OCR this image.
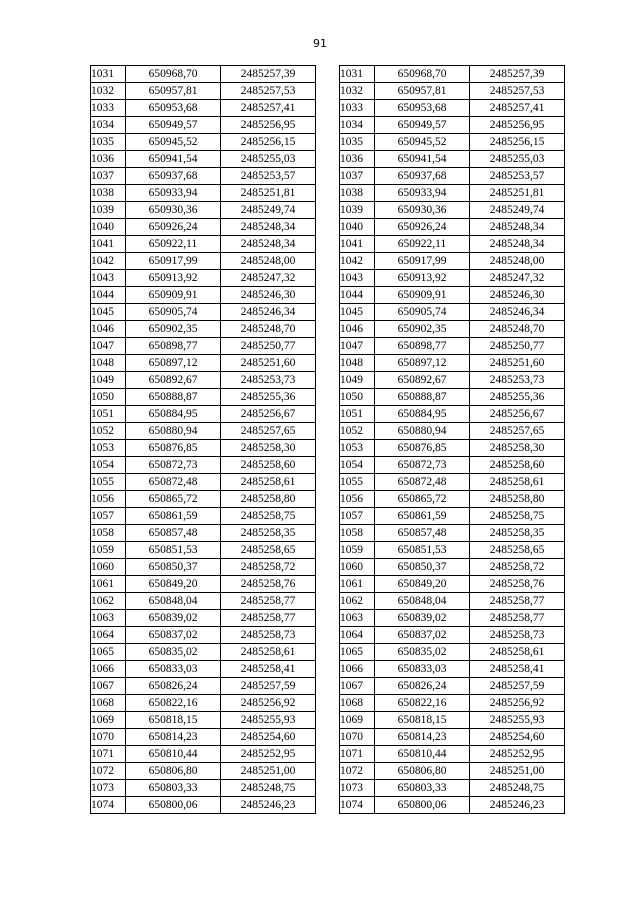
91
1031	650968,70	2485257,39
1032	650957,81	2485257,53
1033	650953,68	2485257,41
1034	650949,57	2485256,95
1035	650945,52	2485256,15
1036	650941,54	2485255,03
1037	650937,68	2485253,57
1038	650933,94	2485251,81
1039	650930,36	2485249,74
1040	650926,24	2485248,34
1041	650922,11	2485248,34
1042	650917,99	2485248,00
1043	650913,92	2485247,32
1044	650909,91	2485246,30
1045	650905,74	2485246,34
1046	650902,35	2485248,70
1047	650898,77	2485250,77
1048	650897,12	2485251,60
1049	650892,67	2485253,73
1050	650888,87	2485255,36
1051	650884,95	2485256,67
1052	650880,94	2485257,65
1053	650876,85	2485258,30
1054	650872,73	2485258,60
1055	650872,48	2485258,61
1056	650865,72	2485258,80
1057	650861,59	2485258,75
1058	650857,48	2485258,35
1059	650851,53	2485258,65
1060	650850,37	2485258,72
1061	650849,20	2485258,76
1062	650848,04	2485258,77
1063	650839,02	2485258,77
1064	650837,02	2485258,73
1065	650835,02	2485258,61
1066	650833,03	2485258,41
1067	650826,24	2485257,59
1068	650822,16	2485256,92
1069	650818,15	2485255,93
1070	650814,23	2485254,60
1071	650810,44	2485252,95
1072	650806,80	2485251,00
1073	650803,33	2485248,75
1074	650800,06	2485246,23
1031	650968,70	2485257,39
1032	650957,81	2485257,53
1033	650953,68	2485257,41
1034	650949,57	2485256,95
1035	650945,52	2485256,15
1036	650941,54	2485255,03
1037	650937,68	2485253,57
1038	650933,94	2485251,81
1039	650930,36	2485249,74
1040	650926,24	2485248,34
1041	650922,11	2485248,34
1042	650917,99	2485248,00
1043	650913,92	2485247,32
1044	650909,91	2485246,30
1045	650905,74	2485246,34
1046	650902,35	2485248,70
1047	650898,77	2485250,77
1048	650897,12	2485251,60
1049	650892,67	2485253,73
1050	650888,87	2485255,36
1051	650884,95	2485256,67
1052	650880,94	2485257,65
1053	650876,85	2485258,30
1054	650872,73	2485258,60
1055	650872,48	2485258,61
1056	650865,72	2485258,80
1057	650861,59	2485258,75
1058	650857,48	2485258,35
1059	650851,53	2485258,65
1060	650850,37	2485258,72
1061	650849,20	2485258,76
1062	650848,04	2485258,77
1063	650839,02	2485258,77
1064	650837,02	2485258,73
1065	650835,02	2485258,61
1066	650833,03	2485258,41
1067	650826,24	2485257,59
1068	650822,16	2485256,92
1069	650818,15	2485255,93
1070	650814,23	2485254,60
1071	650810,44	2485252,95
1072	650806,80	2485251,00
1073	650803,33	2485248,75
1074	650800,06	2485246,23
